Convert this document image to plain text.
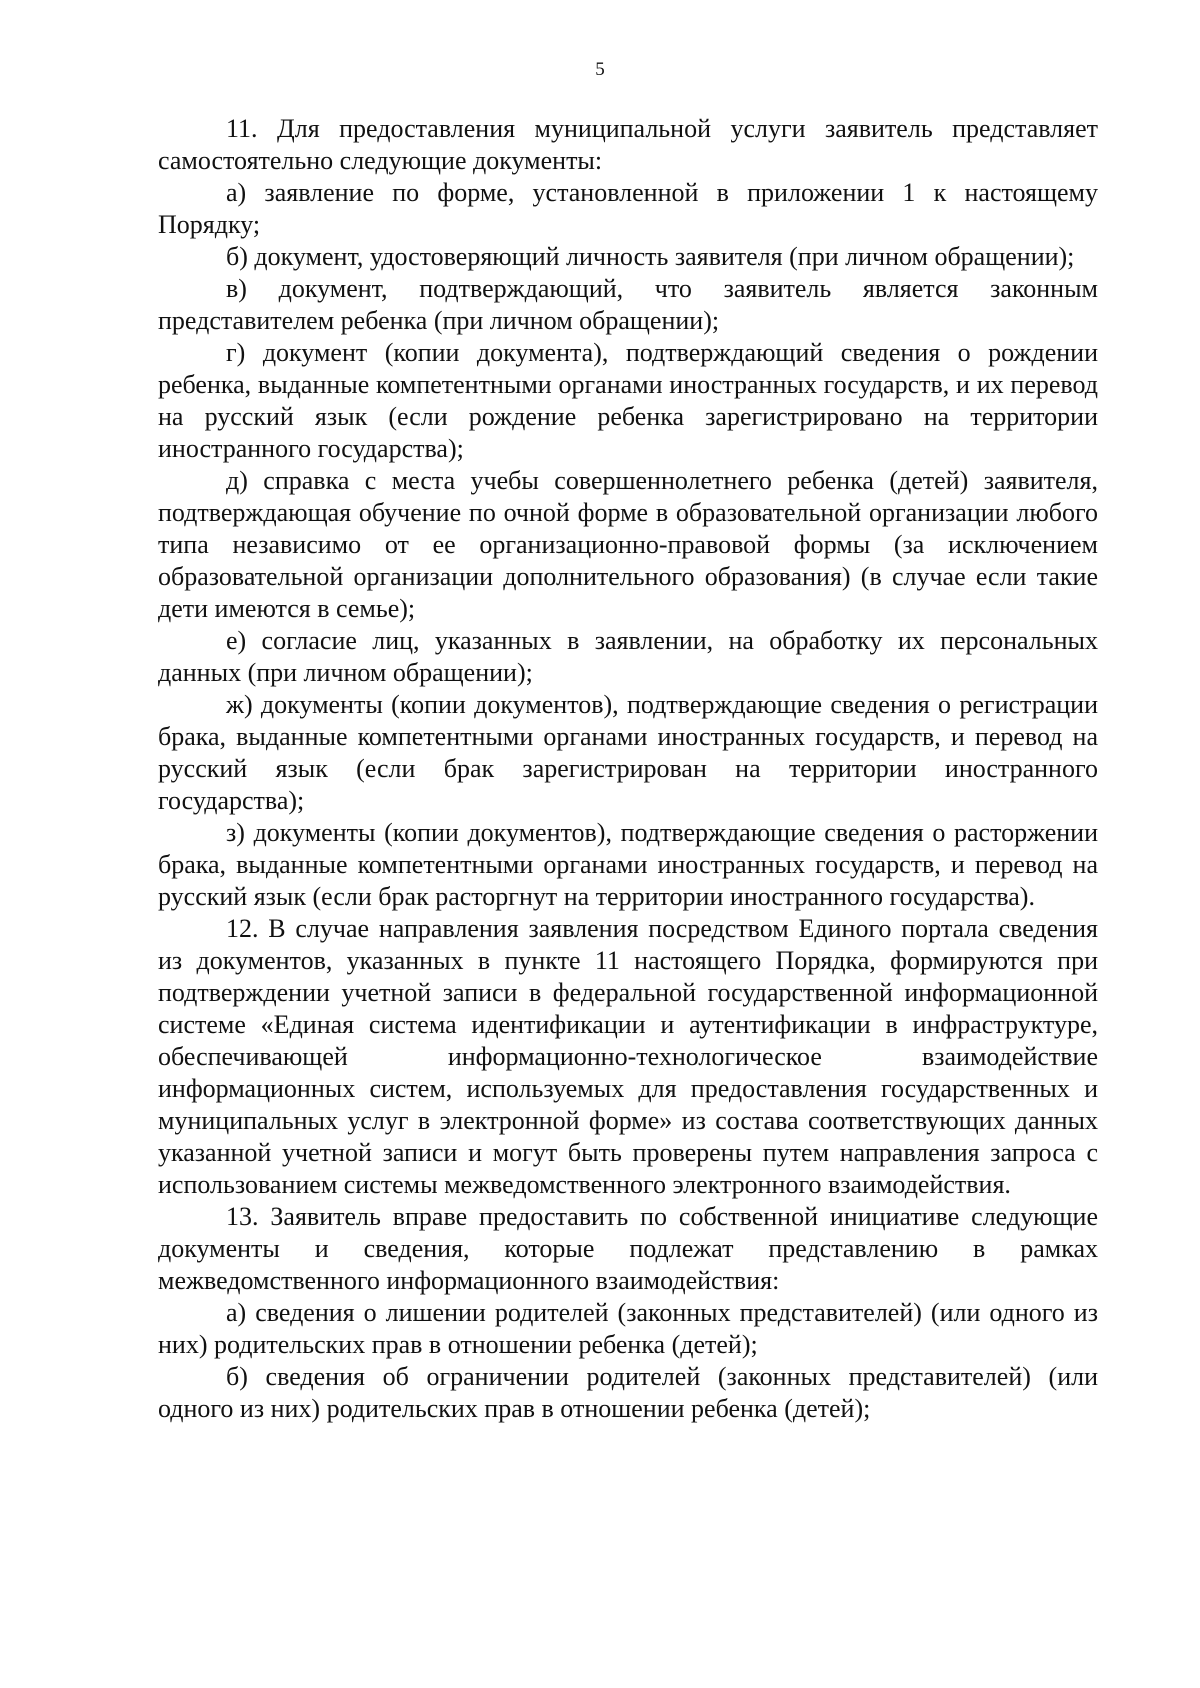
5

11. Для предоставления муниципальной услуги заявитель представляет самостоятельно следующие документы:

а) заявление по форме, установленной в приложении 1 к настоящему Порядку;

б) документ, удостоверяющий личность заявителя (при личном обращении);

в) документ, подтверждающий, что заявитель является законным представителем ребенка (при личном обращении);

г) документ (копии документа), подтверждающий сведения о рождении ребенка, выданные компетентными органами иностранных государств, и их перевод на русский язык (если рождение ребенка зарегистрировано на территории иностранного государства);

д) справка с места учебы совершеннолетнего ребенка (детей) заявителя, подтверждающая обучение по очной форме в образовательной организации любого типа независимо от ее организационно-правовой формы (за исключением образовательной организации дополнительного образования) (в случае если такие дети имеются в семье);

е) согласие лиц, указанных в заявлении, на обработку их персональных данных (при личном обращении);

ж) документы (копии документов), подтверждающие сведения о регистрации брака, выданные компетентными органами иностранных государств, и перевод на русский язык (если брак зарегистрирован на территории иностранного государства);

з) документы (копии документов), подтверждающие сведения о расторжении брака, выданные компетентными органами иностранных государств, и перевод на русский язык (если брак расторгнут на территории иностранного государства).

12. В случае направления заявления посредством Единого портала сведения из документов, указанных в пункте 11 настоящего Порядка, формируются при подтверждении учетной записи в федеральной государственной информационной системе «Единая система идентификации и аутентификации в инфраструктуре, обеспечивающей информационно-технологическое взаимодействие информационных систем, используемых для предоставления государственных и муниципальных услуг в электронной форме» из состава соответствующих данных указанной учетной записи и могут быть проверены путем направления запроса с использованием системы межведомственного электронного взаимодействия.

13. Заявитель вправе предоставить по собственной инициативе следующие документы и сведения, которые подлежат представлению в рамках межведомственного информационного взаимодействия:

а) сведения о лишении родителей (законных представителей) (или одного из них) родительских прав в отношении ребенка (детей);

б) сведения об ограничении родителей (законных представителей) (или одного из них) родительских прав в отношении ребенка (детей);
